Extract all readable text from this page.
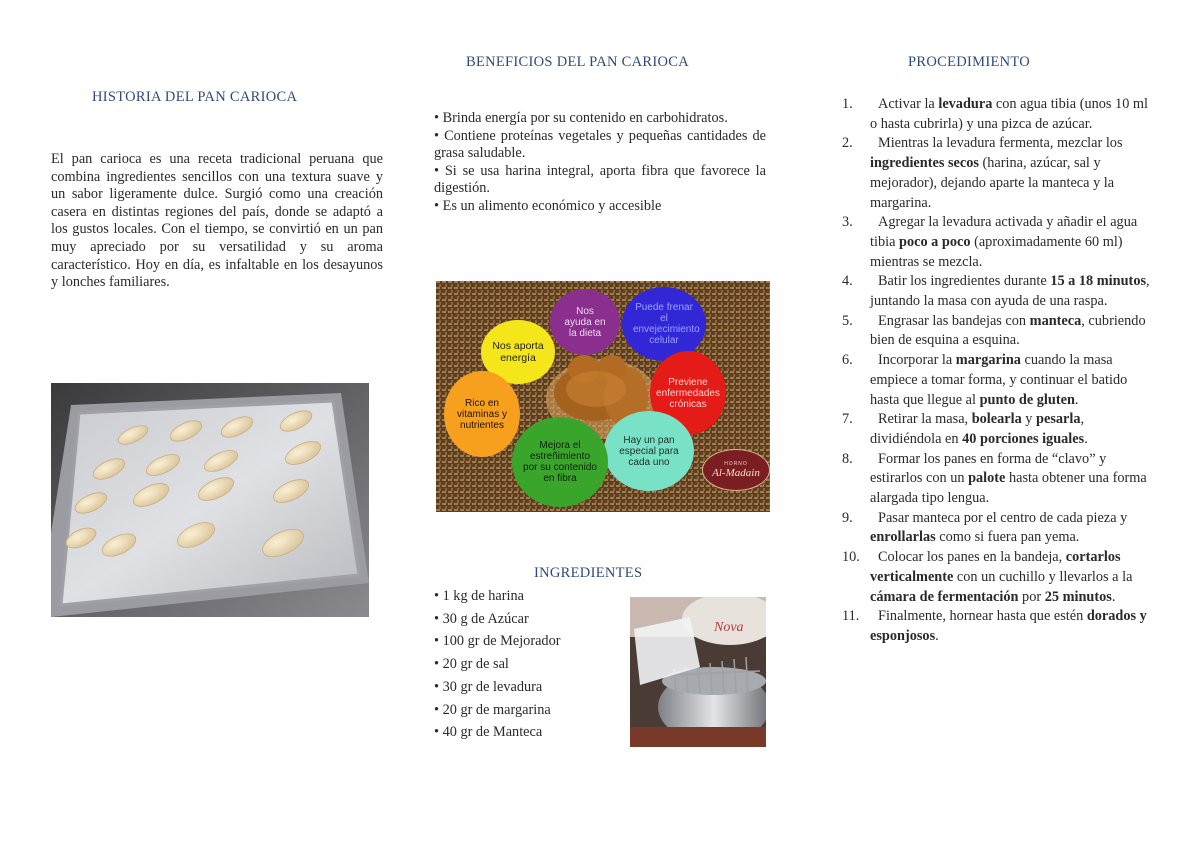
HISTORIA DEL PAN CARIOCA
El pan carioca es una receta tradicional peruana que combina ingredientes sencillos con una textura suave y un sabor ligeramente dulce. Surgió como una creación casera en distintas regiones del país, donde se adaptó a los gustos locales. Con el tiempo, se convirtió en un pan muy apreciado por su versatilidad y su aroma característico. Hoy en día, es infaltable en los desayunos y lonches familiares.
BENEFICIOS DEL PAN CARIOCA
• Brinda energía por su contenido en carbohidratos.
• Contiene proteínas vegetales y pequeñas cantidades de grasa saludable.
• Si se usa harina integral, aporta fibra que favorece la digestión.
• Es un alimento económico y accesible
Nos aporta energía
Nos ayuda en la dieta
Puede frenar el envejecimiento celular
Previene enfermedades crónicas
Hay un pan especial para cada uno
Mejora el estreñimiento por su contenido en fibra
Rico en vitaminas y nutrientes
HORNO
Al-Madain
INGREDIENTES
• 1 kg de harina
• 30 g de Azúcar
• 100 gr de Mejorador
• 20 gr de sal
• 30 gr de levadura
• 20 gr de margarina
• 40 gr de Manteca
Nova
PROCEDIMIENTO
1.	Activar la levadura con agua tibia (unos 10 ml o hasta cubrirla) y una pizca de azúcar.
2.	Mientras la levadura fermenta, mezclar los ingredientes secos (harina, azúcar, sal y mejorador), dejando aparte la manteca y la margarina.
3.	Agregar la levadura activada y añadir el agua tibia poco a poco (aproximadamente 60 ml) mientras se mezcla.
4.	Batir los ingredientes durante 15 a 18 minutos, juntando la masa con ayuda de una raspa.
5.	Engrasar las bandejas con manteca, cubriendo bien de esquina a esquina.
6.	Incorporar la margarina cuando la masa empiece a tomar forma, y continuar el batido hasta que llegue al punto de gluten.
7.	Retirar la masa, bolearla y pesarla, dividiéndola en 40 porciones iguales.
8.	Formar los panes en forma de “clavo” y estirarlos con un palote hasta obtener una forma alargada tipo lengua.
9.	Pasar manteca por el centro de cada pieza y enrollarlas como si fuera pan yema.
10.	Colocar los panes en la bandeja, cortarlos verticalmente con un cuchillo y llevarlos a la cámara de fermentación por 25 minutos.
11.	Finalmente, hornear hasta que estén dorados y esponjosos.
